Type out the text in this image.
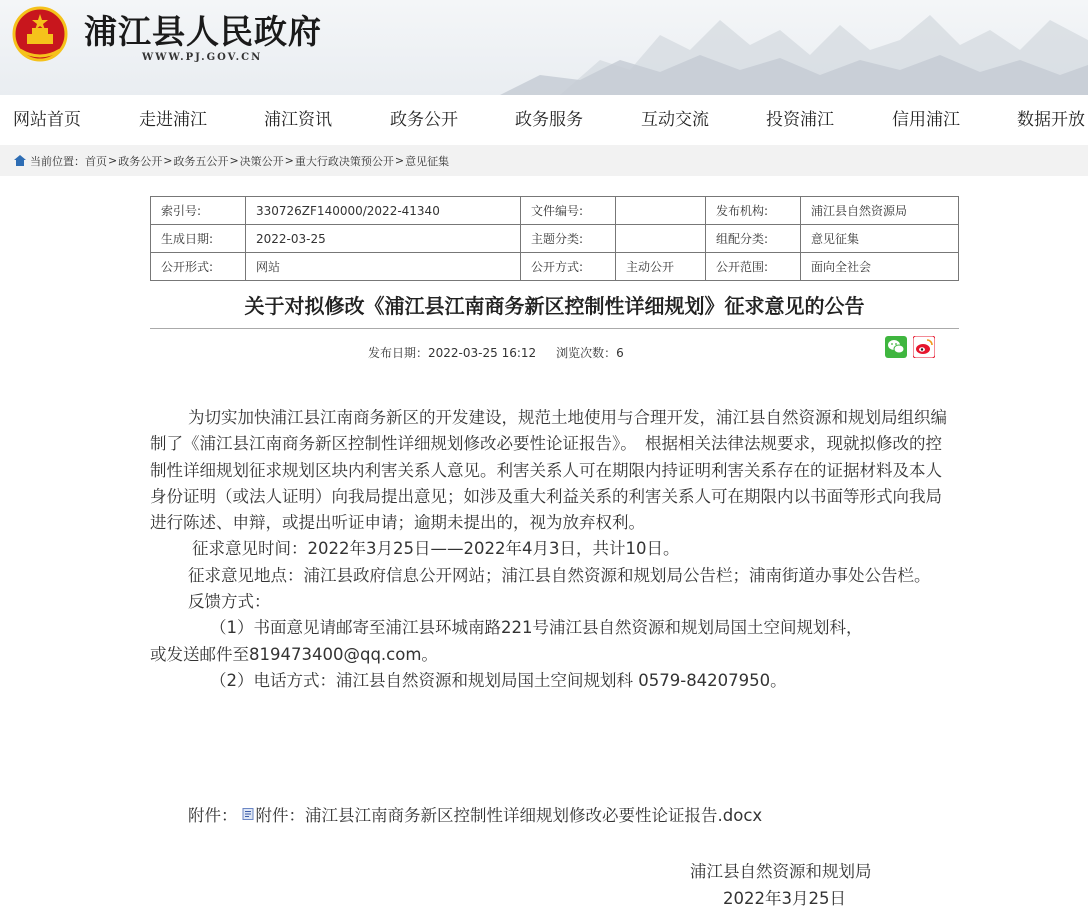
浦江县人民政府
WWW.PJ.GOV.CN
网站首页	走进浦江	浦江资讯	政务公开	政务服务	互动交流	投资浦江	信用浦江	数据开放
当前位置： 首页 > 政务公开 > 政务五公开 > 决策公开 > 重大行政决策预公开 > 意见征集
索引号:	330726ZF140000/2022-41340	文件编号:		发布机构:	浦江县自然资源局
生成日期:	2022-03-25	主题分类:		组配分类:	意见征集
公开形式:	网站	公开方式:	主动公开	公开范围:	面向全社会
关于对拟修改《浦江县江南商务新区控制性详细规划》征求意见的公告
发布日期：2022-03-25 16:12 浏览次数：6

为切实加快浦江县江南商务新区的开发建设，规范土地使用与合理开发，浦江县自然资源和规划局组织编制了《浦江县江南商务新区控制性详细规划修改必要性论证报告》。　根据相关法律法规要求，现就拟修改的控制性详细规划征求规划区块内利害关系人意见。利害关系人可在期限内持证明利害关系存在的证据材料及本人身份证明（或法人证明）向我局提出意见；如涉及重大利益关系的利害关系人可在期限内以书面等形式向我局进行陈述、申辩，或提出听证申请；逾期未提出的，视为放弃权利。

征求意见时间：2022年3月25日——2022年4月3日，共计10日。

征求意见地点：浦江县政府信息公开网站；浦江县自然资源和规划局公告栏；浦南街道办事处公告栏。

反馈方式：

（1）书面意见请邮寄至浦江县环城南路221号浦江县自然资源和规划局国土空间规划科，

或发送邮件至819473400@qq.com。

（2）电话方式：浦江县自然资源和规划局国土空间规划科 0579-84207950。

附件： 附件：浦江县江南商务新区控制性详细规划修改必要性论证报告.docx
浦江县自然资源和规划局
2022年3月25日
